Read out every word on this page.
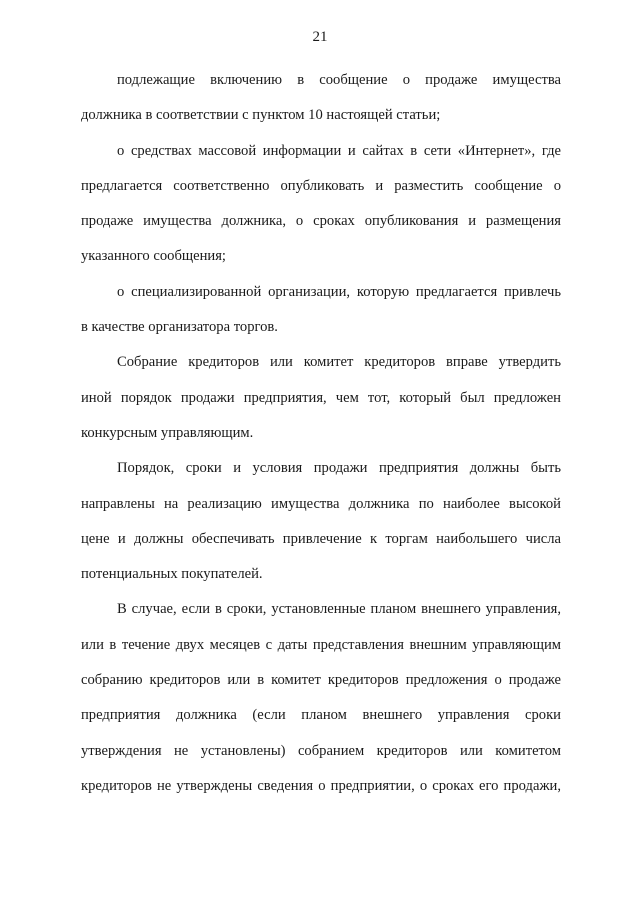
21
подлежащие включению в сообщение о продаже имущества
должника в соответствии с пунктом 10 настоящей статьи;
о средствах массовой информации и сайтах в сети «Интернет», где
предлагается соответственно опубликовать и разместить сообщение о
продаже имущества должника, о сроках опубликования и размещения
указанного сообщения;
о специализированной организации, которую предлагается привлечь
в качестве организатора торгов.
Собрание кредиторов или комитет кредиторов вправе утвердить
иной порядок продажи предприятия, чем тот, который был предложен
конкурсным управляющим.
Порядок, сроки и условия продажи предприятия должны быть
направлены на реализацию имущества должника по наиболее высокой
цене и должны обеспечивать привлечение к торгам наибольшего числа
потенциальных покупателей.
В случае, если в сроки, установленные планом внешнего управления,
или в течение двух месяцев с даты представления внешним управляющим
собранию кредиторов или в комитет кредиторов предложения о продаже
предприятия должника (если планом внешнего управления сроки
утверждения не установлены) собранием кредиторов или комитетом
кредиторов не утверждены сведения о предприятии, о сроках его продажи,
